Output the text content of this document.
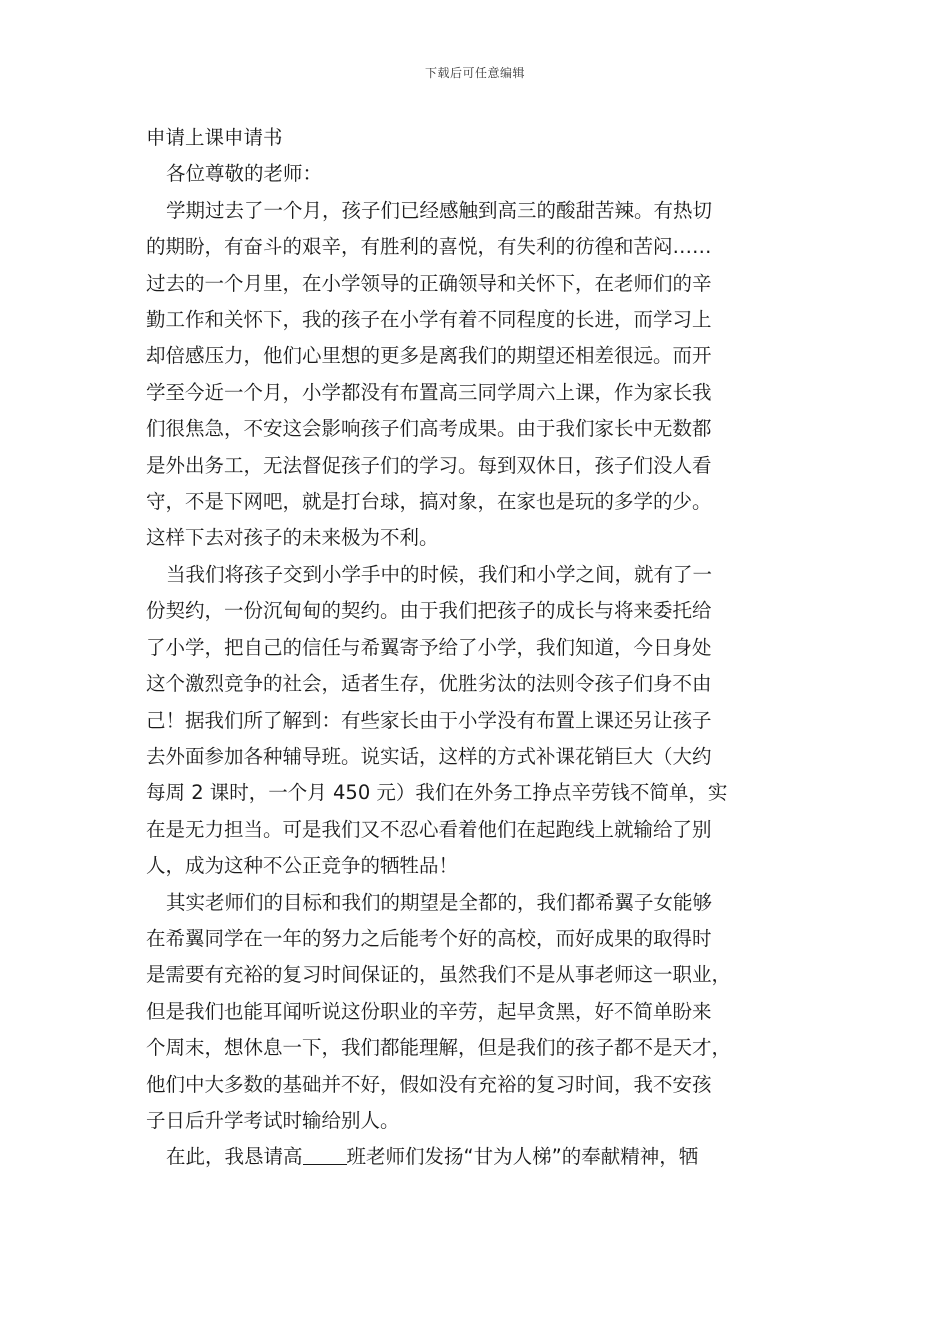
下载后可任意编辑
申请上课申请书

各位尊敬的老师：

学期过去了一个月，孩子们已经感触到高三的酸甜苦辣。有热切
的期盼，有奋斗的艰辛，有胜利的喜悦，有失利的彷徨和苦闷……
过去的一个月里，在小学领导的正确领导和关怀下，在老师们的辛
勤工作和关怀下，我的孩子在小学有着不同程度的长进，而学习上
却倍感压力，他们心里想的更多是离我们的期望还相差很远。而开
学至今近一个月，小学都没有布置高三同学周六上课，作为家长我
们很焦急，不安这会影响孩子们高考成果。由于我们家长中无数都
是外出务工，无法督促孩子们的学习。每到双休日，孩子们没人看
守，不是下网吧，就是打台球，搞对象，在家也是玩的多学的少。
这样下去对孩子的未来极为不利。

当我们将孩子交到小学手中的时候，我们和小学之间，就有了一
份契约，一份沉甸甸的契约。由于我们把孩子的成长与将来委托给
了小学，把自己的信任与希翼寄予给了小学，我们知道，今日身处
这个激烈竞争的社会，适者生存，优胜劣汰的法则令孩子们身不由
己！据我们所了解到：有些家长由于小学没有布置上课还另让孩子
去外面参加各种辅导班。说实话，这样的方式补课花销巨大（大约
每周 2 课时，一个月 450 元）我们在外务工挣点辛劳钱不简单，实
在是无力担当。可是我们又不忍心看着他们在起跑线上就输给了别
人，成为这种不公正竞争的牺牲品！

其实老师们的目标和我们的期望是全都的，我们都希翼子女能够
在希翼同学在一年的努力之后能考个好的高校，而好成果的取得时
是需要有充裕的复习时间保证的，虽然我们不是从事老师这一职业，
但是我们也能耳闻听说这份职业的辛劳，起早贪黑，好不简单盼来
个周末，想休息一下，我们都能理解，但是我们的孩子都不是天才，
他们中大多数的基础并不好，假如没有充裕的复习时间，我不安孩
子日后升学考试时输给别人。

在此，我恳请高 班老师们发扬“甘为人梯”的奉献精神，牺
